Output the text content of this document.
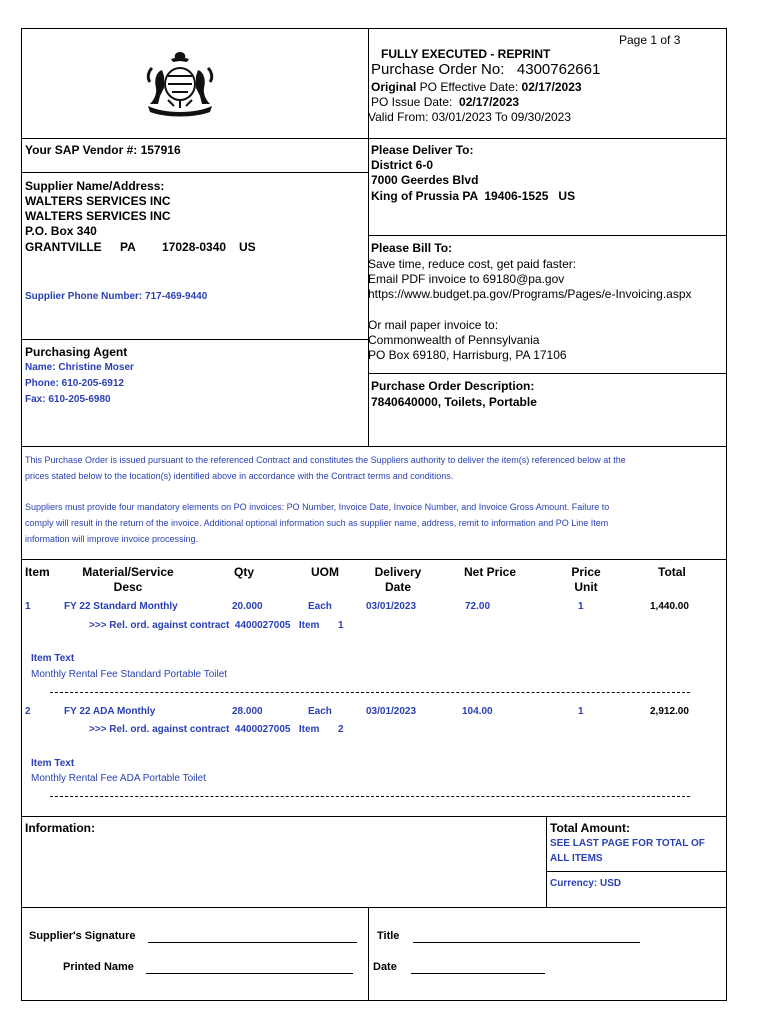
Page 1 of 3
FULLY EXECUTED - REPRINT
Purchase Order No: 4300762661
Original PO Effective Date: 02/17/2023
PO Issue Date: 02/17/2023
Valid From: 03/01/2023 To 09/30/2023
Your SAP Vendor #: 157916
Supplier Name/Address:
WALTERS SERVICES INC
WALTERS SERVICES INC
P.O. Box 340
GRANTVILLE PA 17028-0340 US
Supplier Phone Number: 717-469-9440
Purchasing Agent
Name: Christine Moser
Phone: 610-205-6912
Fax: 610-205-6980
Please Deliver To:
District 6-0
7000 Geerdes Blvd
King of Prussia PA  19406-1525   US
Please Bill To:
Save time, reduce cost, get paid faster:
Email PDF invoice to 69180@pa.gov
https://www.budget.pa.gov/Programs/Pages/e-Invoicing.aspx
Or mail paper invoice to:
Commonwealth of Pennsylvania
PO Box 69180, Harrisburg, PA 17106
Purchase Order Description:
7840640000, Toilets, Portable
This Purchase Order is issued pursuant to the referenced Contract and constitutes the Suppliers authority to deliver the item(s) referenced below at the
prices stated below to the location(s) identified above in accordance with the Contract terms and conditions.
Suppliers must provide four mandatory elements on PO invoices: PO Number, Invoice Date, Invoice Number, and Invoice Gross Amount. Failure to
comply will result in the return of the invoice. Additional optional information such as supplier name, address, remit to information and PO Line Item
information will improve invoice processing.
Item	Material/Service
Desc
Qty	UOM	Delivery
Date
Net Price	Price
Unit
Total
1	FY 22 Standard Monthly	20.000	Each	03/01/2023	72.00	1	1,440.00
>>> Rel. ord. against contract  4400027005   Item 1
Item Text
Monthly Rental Fee Standard Portable Toilet
2	FY 22 ADA Monthly	28.000	Each	03/01/2023	104.00	1	2,912.00
>>> Rel. ord. against contract  4400027005   Item 2
Item Text
Monthly Rental Fee ADA Portable Toilet
Information:	Total Amount:
SEE LAST PAGE FOR TOTAL OF
ALL ITEMS
Currency: USD
Supplier's Signature
Printed Name
Title
Date
